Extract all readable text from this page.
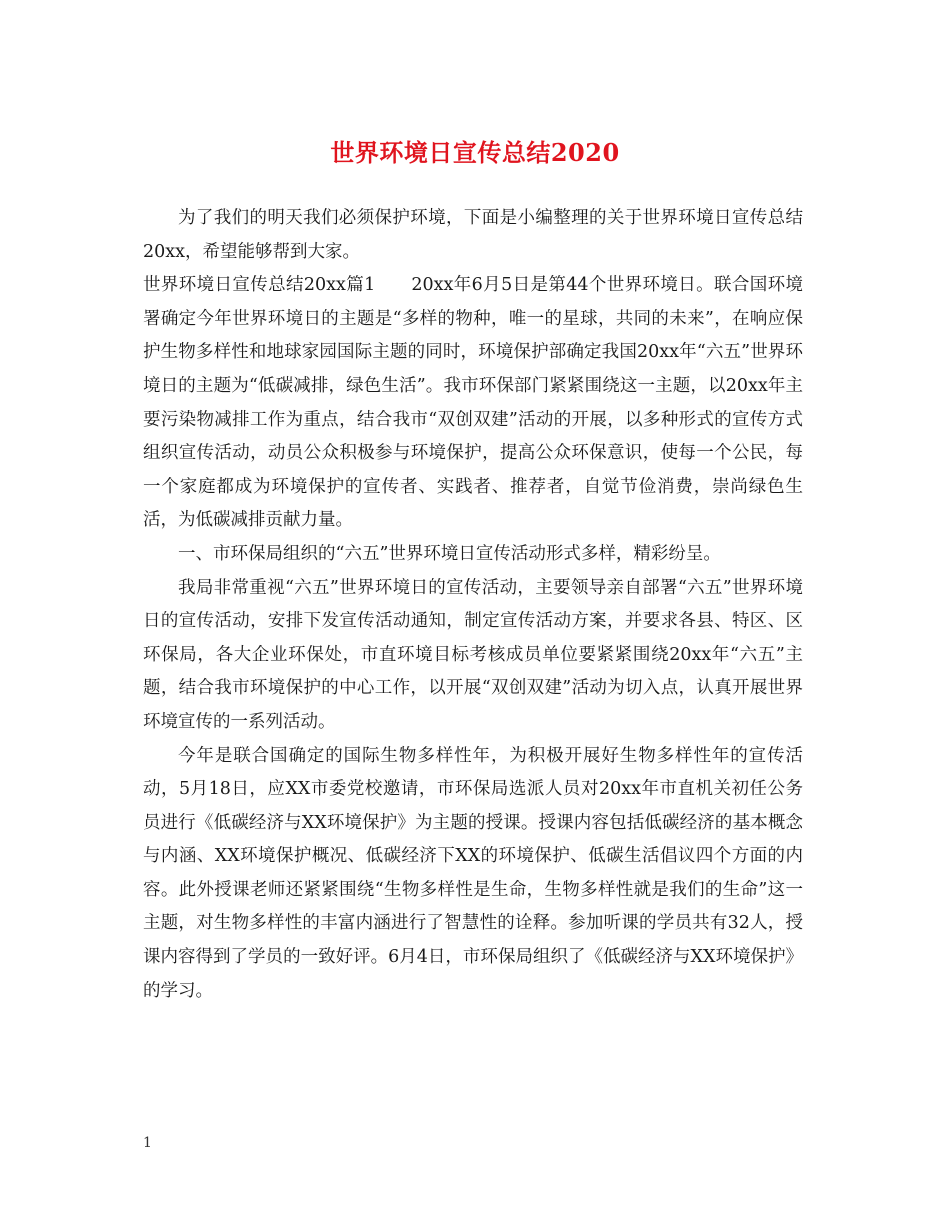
世界环境日宣传总结2020

为了我们的明天我们必须保护环境，下面是小编整理的关于世界环境日宣传总结20xx，希望能够帮到大家。

世界环境日宣传总结20xx篇1　　20xx年6月5日是第44个世界环境日。联合国环境署确定今年世界环境日的主题是“多样的物种，唯一的星球，共同的未来”，在响应保护生物多样性和地球家园国际主题的同时，环境保护部确定我国20xx年“六五”世界环境日的主题为“低碳减排，绿色生活”。我市环保部门紧紧围绕这一主题，以20xx年主要污染物减排工作为重点，结合我市“双创双建”活动的开展，以多种形式的宣传方式组织宣传活动，动员公众积极参与环境保护，提高公众环保意识，使每一个公民，每一个家庭都成为环境保护的宣传者、实践者、推荐者，自觉节俭消费，崇尚绿色生活，为低碳减排贡献力量。

一、市环保局组织的“六五”世界环境日宣传活动形式多样，精彩纷呈。

我局非常重视“六五”世界环境日的宣传活动，主要领导亲自部署“六五”世界环境日的宣传活动，安排下发宣传活动通知，制定宣传活动方案，并要求各县、特区、区环保局，各大企业环保处，市直环境目标考核成员单位要紧紧围绕20xx年“六五”主题，结合我市环境保护的中心工作，以开展“双创双建”活动为切入点，认真开展世界环境宣传的一系列活动。

今年是联合国确定的国际生物多样性年，为积极开展好生物多样性年的宣传活动，5月18日，应XX市委党校邀请，市环保局选派人员对20xx年市直机关初任公务员进行《低碳经济与XX环境保护》为主题的授课。授课内容包括低碳经济的基本概念与内涵、XX环境保护概况、低碳经济下XX的环境保护、低碳生活倡议四个方面的内容。此外授课老师还紧紧围绕“生物多样性是生命，生物多样性就是我们的生命”这一主题，对生物多样性的丰富内涵进行了智慧性的诠释。参加听课的学员共有32人，授课内容得到了学员的一致好评。6月4日，市环保局组织了《低碳经济与XX环境保护》的学习。

1
